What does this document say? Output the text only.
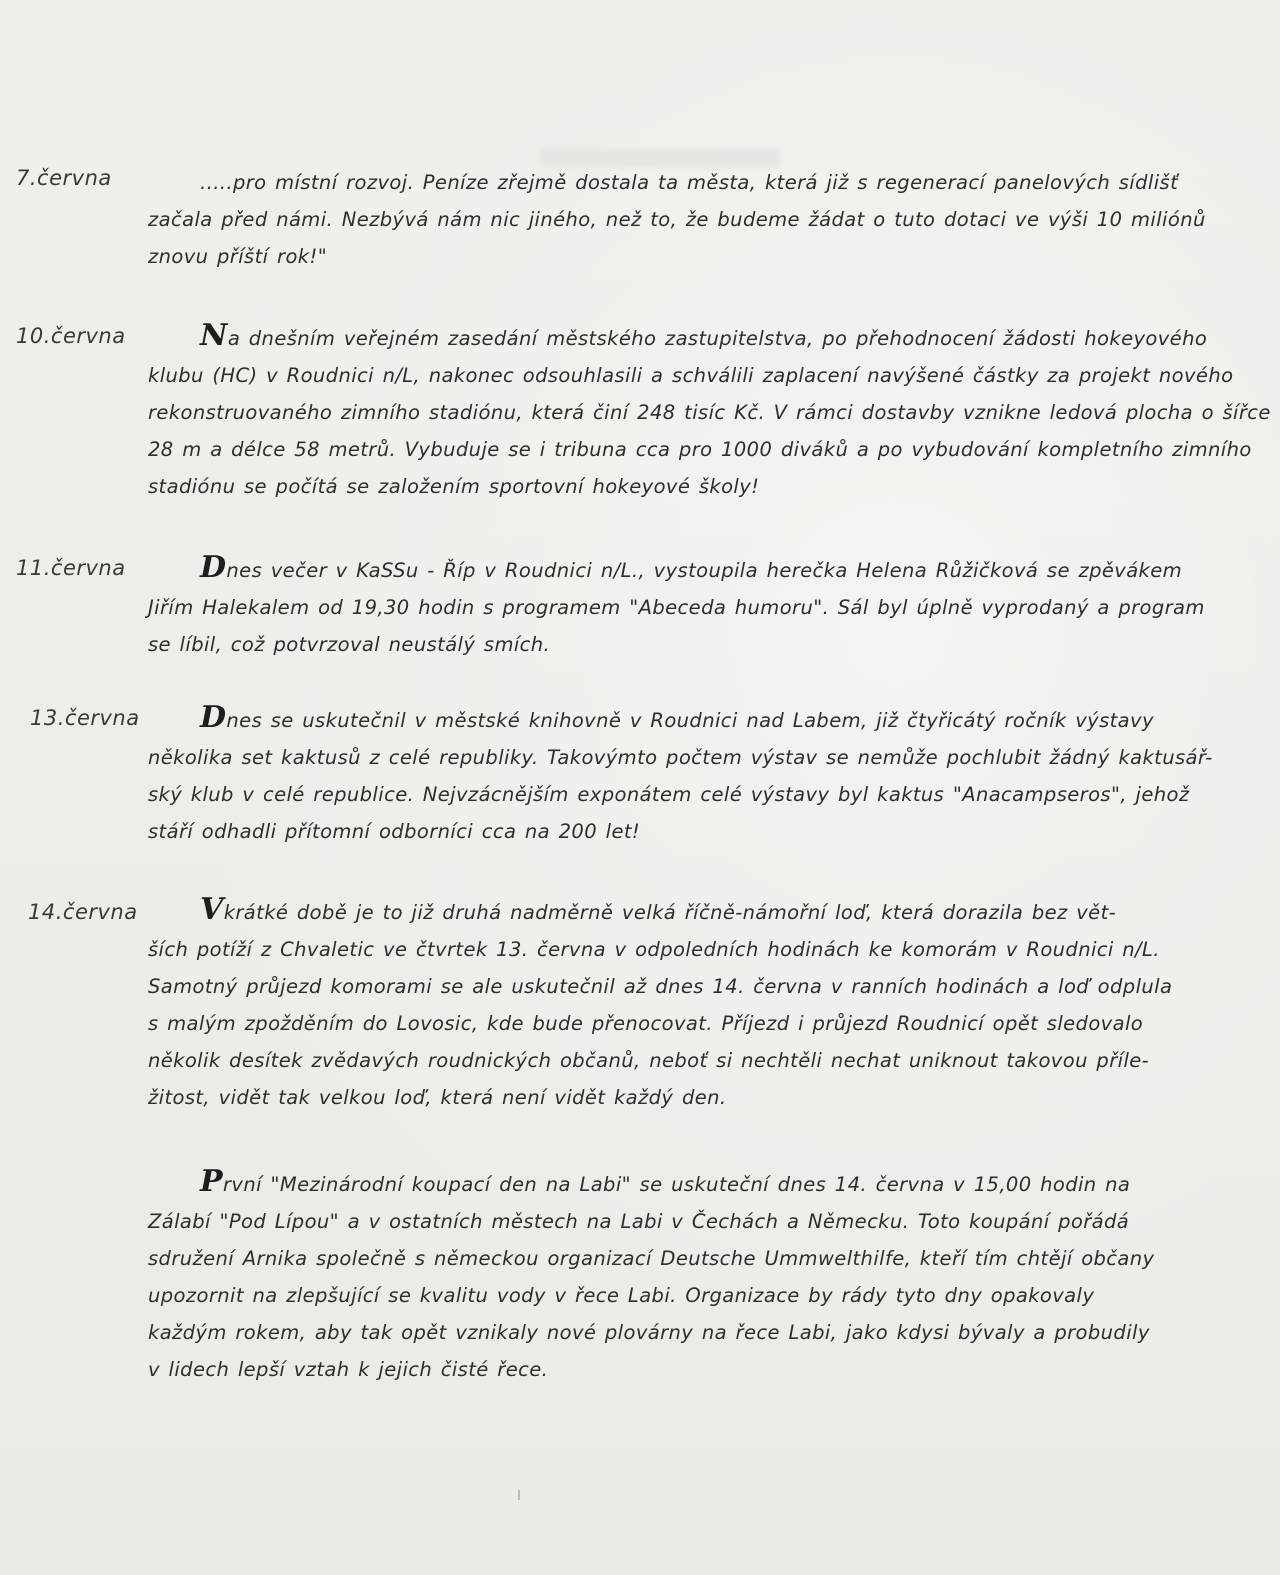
7.června	.....pro místní rozvoj. Peníze zřejmě dostala ta města, která již s regenerací panelových sídlišť
začala před námi. Nezbývá nám nic jiného, než to, že budeme žádat o tuto dotaci ve výši 10 miliónů
znovu příští rok!"
10.června	Na dnešním veřejném zasedání městského zastupitelstva, po přehodnocení žádosti hokeyového
klubu (HC) v Roudnici n/L, nakonec odsouhlasili a schválili zaplacení navýšené částky za projekt nového
rekonstruovaného zimního stadiónu, která činí 248 tisíc Kč. V rámci dostavby vznikne ledová plocha o šířce
28 m a délce 58 metrů. Vybuduje se i tribuna cca pro 1000 diváků a po vybudování kompletního zimního
stadiónu se počítá se založením sportovní hokeyové školy!
11.června	Dnes večer v KaSSu - Říp v Roudnici n/L., vystoupila herečka Helena Růžičková se zpěvákem
Jiřím Halekalem od 19,30 hodin s programem "Abeceda humoru". Sál byl úplně vyprodaný a program
se líbil, což potvrzoval neustálý smích.
13.června	Dnes se uskutečnil v městské knihovně v Roudnici nad Labem, již čtyřicátý ročník výstavy
několika set kaktusů z celé republiky. Takovýmto počtem výstav se nemůže pochlubit žádný kaktusář-
ský klub v celé republice. Nejvzácnějším exponátem celé výstavy byl kaktus "Anacampseros", jehož
stáří odhadli přítomní odborníci cca na 200 let!
14.června	Vkrátké době je to již druhá nadměrně velká říčně-námořní loď, která dorazila bez vět-
ších potíží z Chvaletic ve čtvrtek 13. června v odpoledních hodinách ke komorám v Roudnici n/L.
Samotný průjezd komorami se ale uskutečnil až dnes 14. června v ranních hodinách a loď odplula
s malým zpožděním do Lovosic, kde bude přenocovat. Příjezd i průjezd Roudnicí opět sledovalo
několik desítek zvědavých roudnických občanů, neboť si nechtěli nechat uniknout takovou příle-
žitost, vidět tak velkou loď, která není vidět každý den.
První "Mezinárodní koupací den na Labi" se uskuteční dnes 14. června v 15,00 hodin na
Zálabí "Pod Lípou" a v ostatních městech na Labi v Čechách a Německu. Toto koupání pořádá
sdružení Arnika společně s německou organizací Deutsche Ummwelthilfe, kteří tím chtějí občany
upozornit na zlepšující se kvalitu vody v řece Labi. Organizace by rády tyto dny opakovaly
každým rokem, aby tak opět vznikaly nové plovárny na řece Labi, jako kdysi bývaly a probudily
v lidech lepší vztah k jejich čisté řece.
